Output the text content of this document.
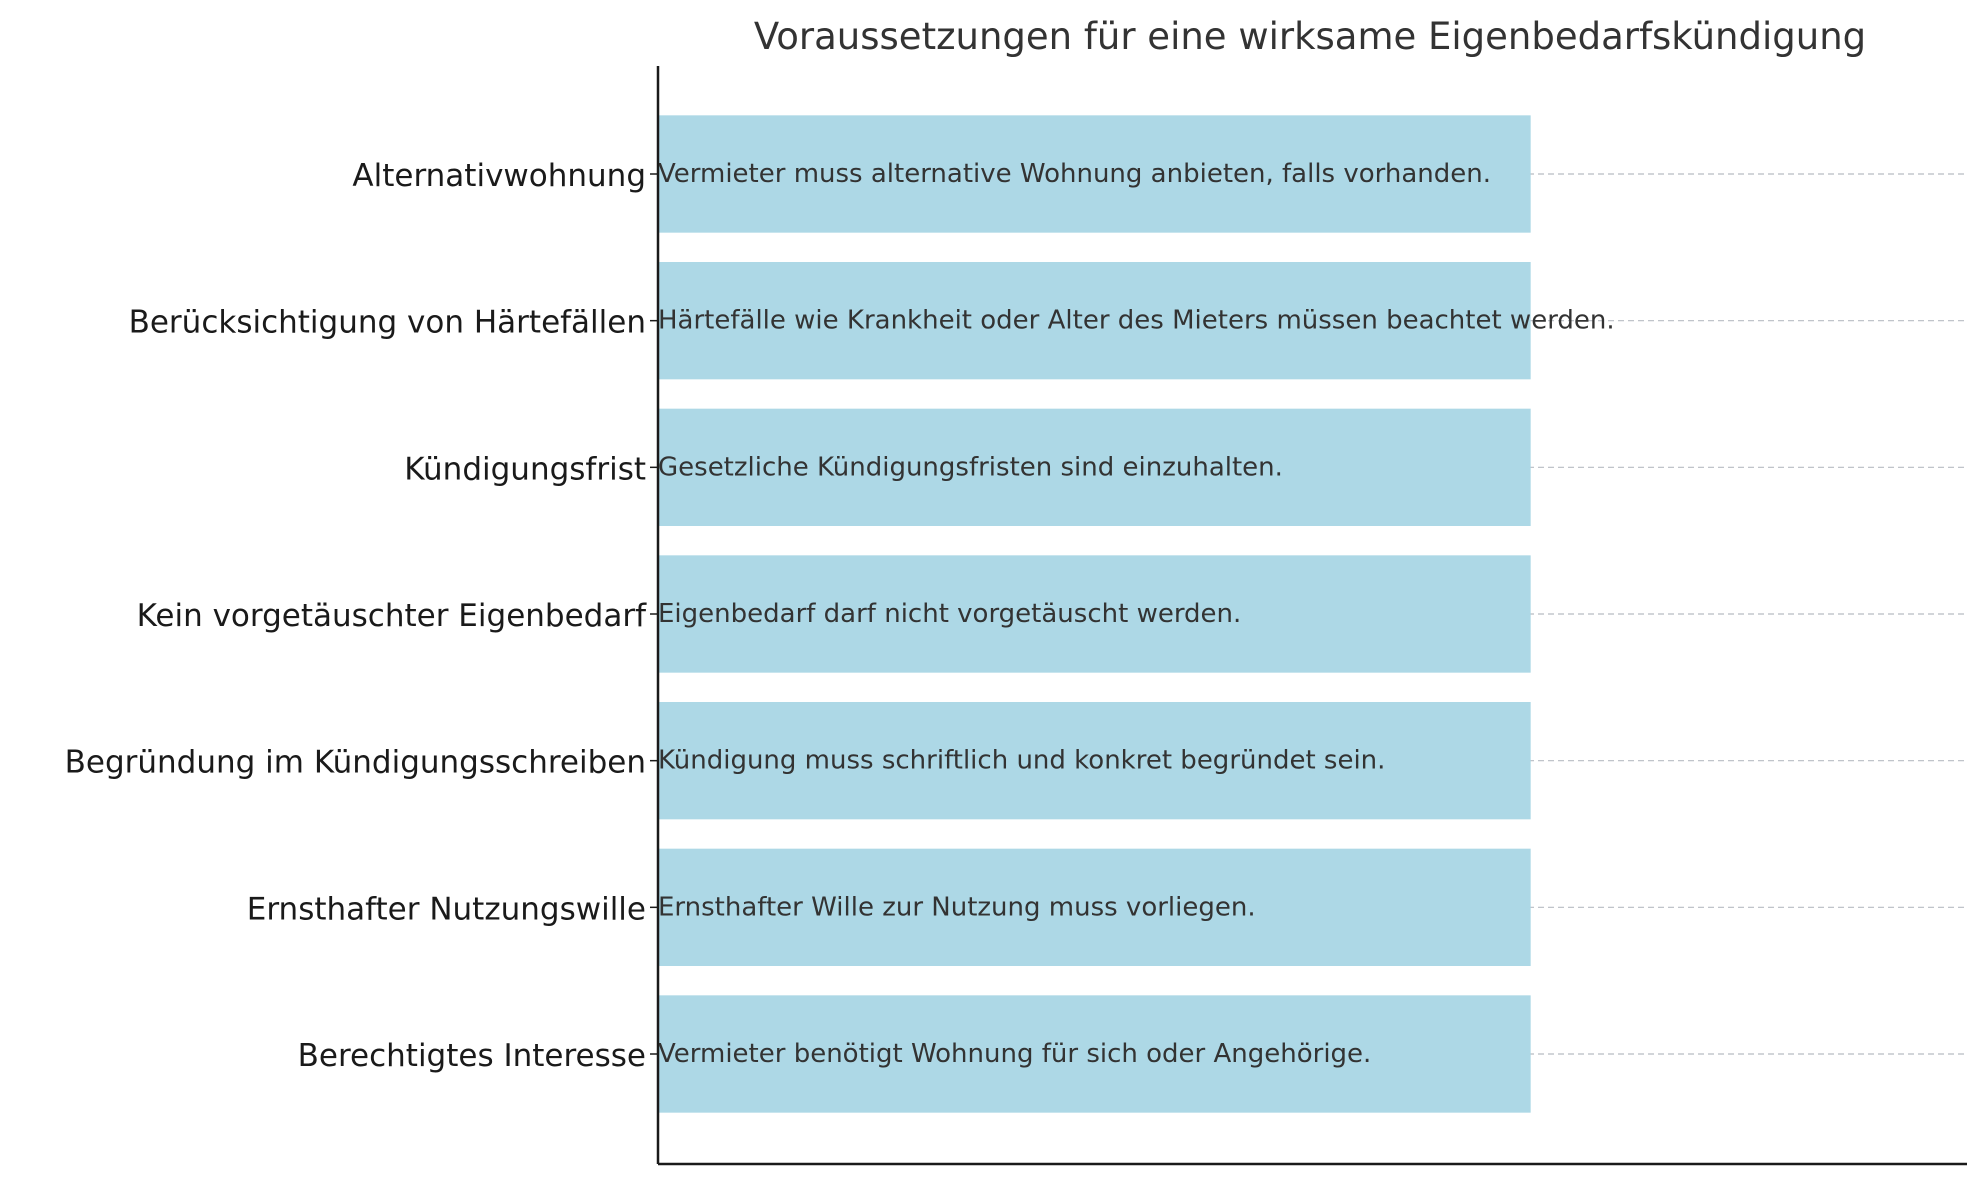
Voraussetzungen für eine wirksame Eigenbedarfskündigung
Vermieter benötigt Wohnung für sich oder Angehörige.
Ernsthafter Wille zur Nutzung muss vorliegen.
Kündigung muss schriftlich und konkret begründet sein.
Eigenbedarf darf nicht vorgetäuscht werden.
Gesetzliche Kündigungsfristen sind einzuhalten.
Härtefälle wie Krankheit oder Alter des Mieters müssen beachtet werden.
Vermieter muss alternative Wohnung anbieten, falls vorhanden.
Berechtigtes Interesse
Ernsthafter Nutzungswille
Begründung im Kündigungsschreiben
Kein vorgetäuschter Eigenbedarf
Kündigungsfrist
Berücksichtigung von Härtefällen
Alternativwohnung
